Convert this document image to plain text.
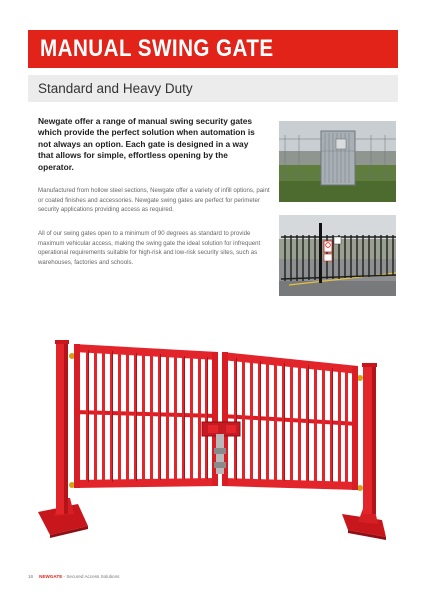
MANUAL SWING GATE
Standard and Heavy Duty

Newgate offer a range of manual swing security gates which provide the perfect solution when automation is not always an option. Each gate is designed in a way that allows for simple, effortless opening by the operator.

Manufactured from hollow steel sections, Newgate offer a variety of infill options, paint or coated finishes and accessories. Newgate swing gates are perfect for perimeter security applications providing access as required.

All of our swing gates open to a minimum of 90 degrees as standard to provide maximum vehicular access, making the swing gate the ideal solution for infrequent operational requirements suitable for high-risk and low-risk security sites, such as warehouses, factories and schools.

16 NEWGATE - Secured Access Solutions
